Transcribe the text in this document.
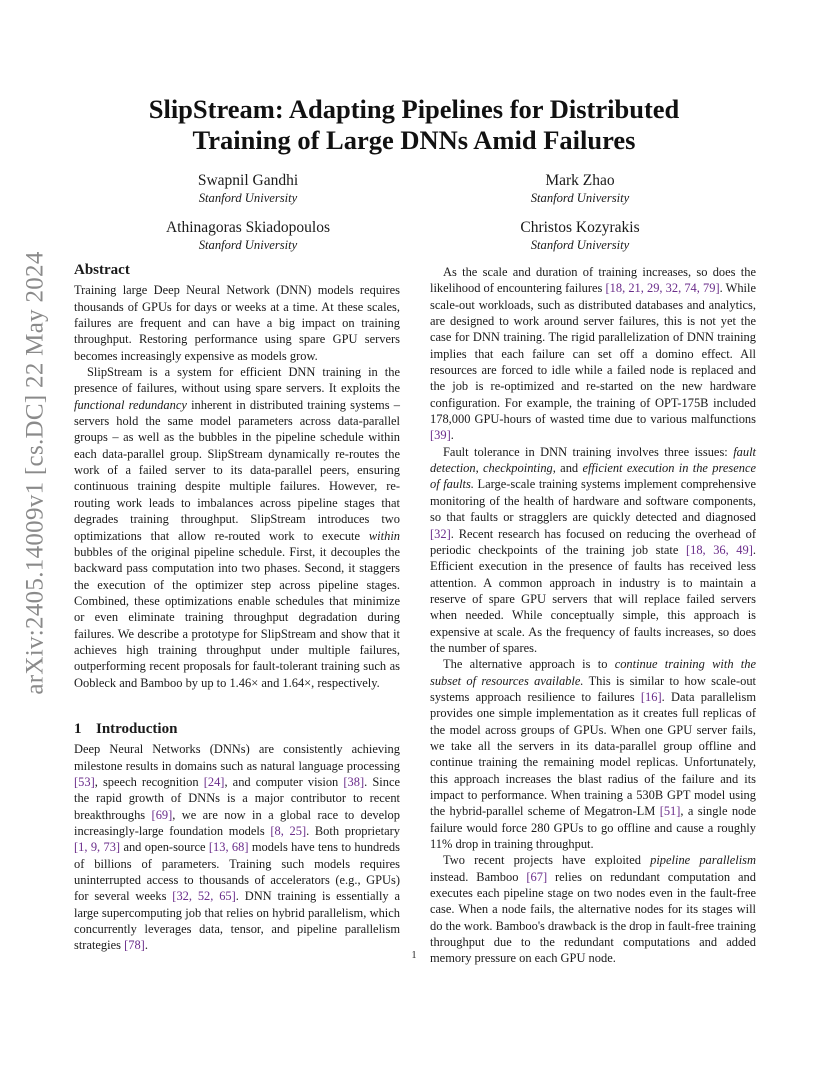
arXiv:2405.14009v1 [cs.DC] 22 May 2024
SlipStream: Adapting Pipelines for Distributed
Training of Large DNNs Amid Failures
Swapnil Gandhi
Stanford University
Mark Zhao
Stanford University
Athinagoras Skiadopoulos
Stanford University
Christos Kozyrakis
Stanford University
Abstract

Training large Deep Neural Network (DNN) models requires thousands of GPUs for days or weeks at a time. At these scales, failures are frequent and can have a big impact on training throughput. Restoring performance using spare GPU servers becomes increasingly expensive as models grow.

SlipStream is a system for efficient DNN training in the presence of failures, without using spare servers. It exploits the functional redundancy inherent in distributed training systems – servers hold the same model parameters across data-parallel groups – as well as the bubbles in the pipeline schedule within each data-parallel group. SlipStream dynamically re-routes the work of a failed server to its data-parallel peers, ensuring continuous training despite multiple failures. However, re-routing work leads to imbalances across pipeline stages that degrades training throughput. SlipStream introduces two optimizations that allow re-routed work to execute within bubbles of the original pipeline schedule. First, it decouples the backward pass computation into two phases. Second, it staggers the execution of the optimizer step across pipeline stages. Combined, these optimizations enable schedules that minimize or even eliminate training throughput degradation during failures. We describe a prototype for SlipStream and show that it achieves high training throughput under multiple failures, outperforming recent proposals for fault-tolerant training such as Oobleck and Bamboo by up to 1.46× and 1.64×, respectively.

1 Introduction

Deep Neural Networks (DNNs) are consistently achieving milestone results in domains such as natural language processing [53], speech recognition [24], and computer vision [38]. Since the rapid growth of DNNs is a major contributor to recent breakthroughs [69], we are now in a global race to develop increasingly-large foundation models [8, 25]. Both proprietary [1, 9, 73] and open-source [13, 68] models have tens to hundreds of billions of parameters. Training such models requires uninterrupted access to thousands of accelerators (e.g., GPUs) for several weeks [32, 52, 65]. DNN training is essentially a large supercomputing job that relies on hybrid parallelism, which concurrently leverages data, tensor, and pipeline parallelism strategies [78].

As the scale and duration of training increases, so does the likelihood of encountering failures [18, 21, 29, 32, 74, 79]. While scale-out workloads, such as distributed databases and analytics, are designed to work around server failures, this is not yet the case for DNN training. The rigid parallelization of DNN training implies that each failure can set off a domino effect. All resources are forced to idle while a failed node is replaced and the job is re-optimized and re-started on the new hardware configuration. For example, the training of OPT-175B included 178,000 GPU-hours of wasted time due to various malfunctions [39].

Fault tolerance in DNN training involves three issues: fault detection, checkpointing, and efficient execution in the presence of faults. Large-scale training systems implement comprehensive monitoring of the health of hardware and software components, so that faults or stragglers are quickly detected and diagnosed [32]. Recent research has focused on reducing the overhead of periodic checkpoints of the training job state [18, 36, 49]. Efficient execution in the presence of faults has received less attention. A common approach in industry is to maintain a reserve of spare GPU servers that will replace failed servers when needed. While conceptually simple, this approach is expensive at scale. As the frequency of faults increases, so does the number of spares.

The alternative approach is to continue training with the subset of resources available. This is similar to how scale-out systems approach resilience to failures [16]. Data parallelism provides one simple implementation as it creates full replicas of the model across groups of GPUs. When one GPU server fails, we take all the servers in its data-parallel group offline and continue training the remaining model replicas. Unfortunately, this approach increases the blast radius of the failure and its impact to performance. When training a 530B GPT model using the hybrid-parallel scheme of Megatron-LM [51], a single node failure would force 280 GPUs to go offline and cause a roughly 11% drop in training throughput.

Two recent projects have exploited pipeline parallelism instead. Bamboo [67] relies on redundant computation and executes each pipeline stage on two nodes even in the fault-free case. When a node fails, the alternative nodes for its stages will do the work. Bamboo's drawback is the drop in fault-free training throughput due to the redundant computations and added memory pressure on each GPU node.

1
